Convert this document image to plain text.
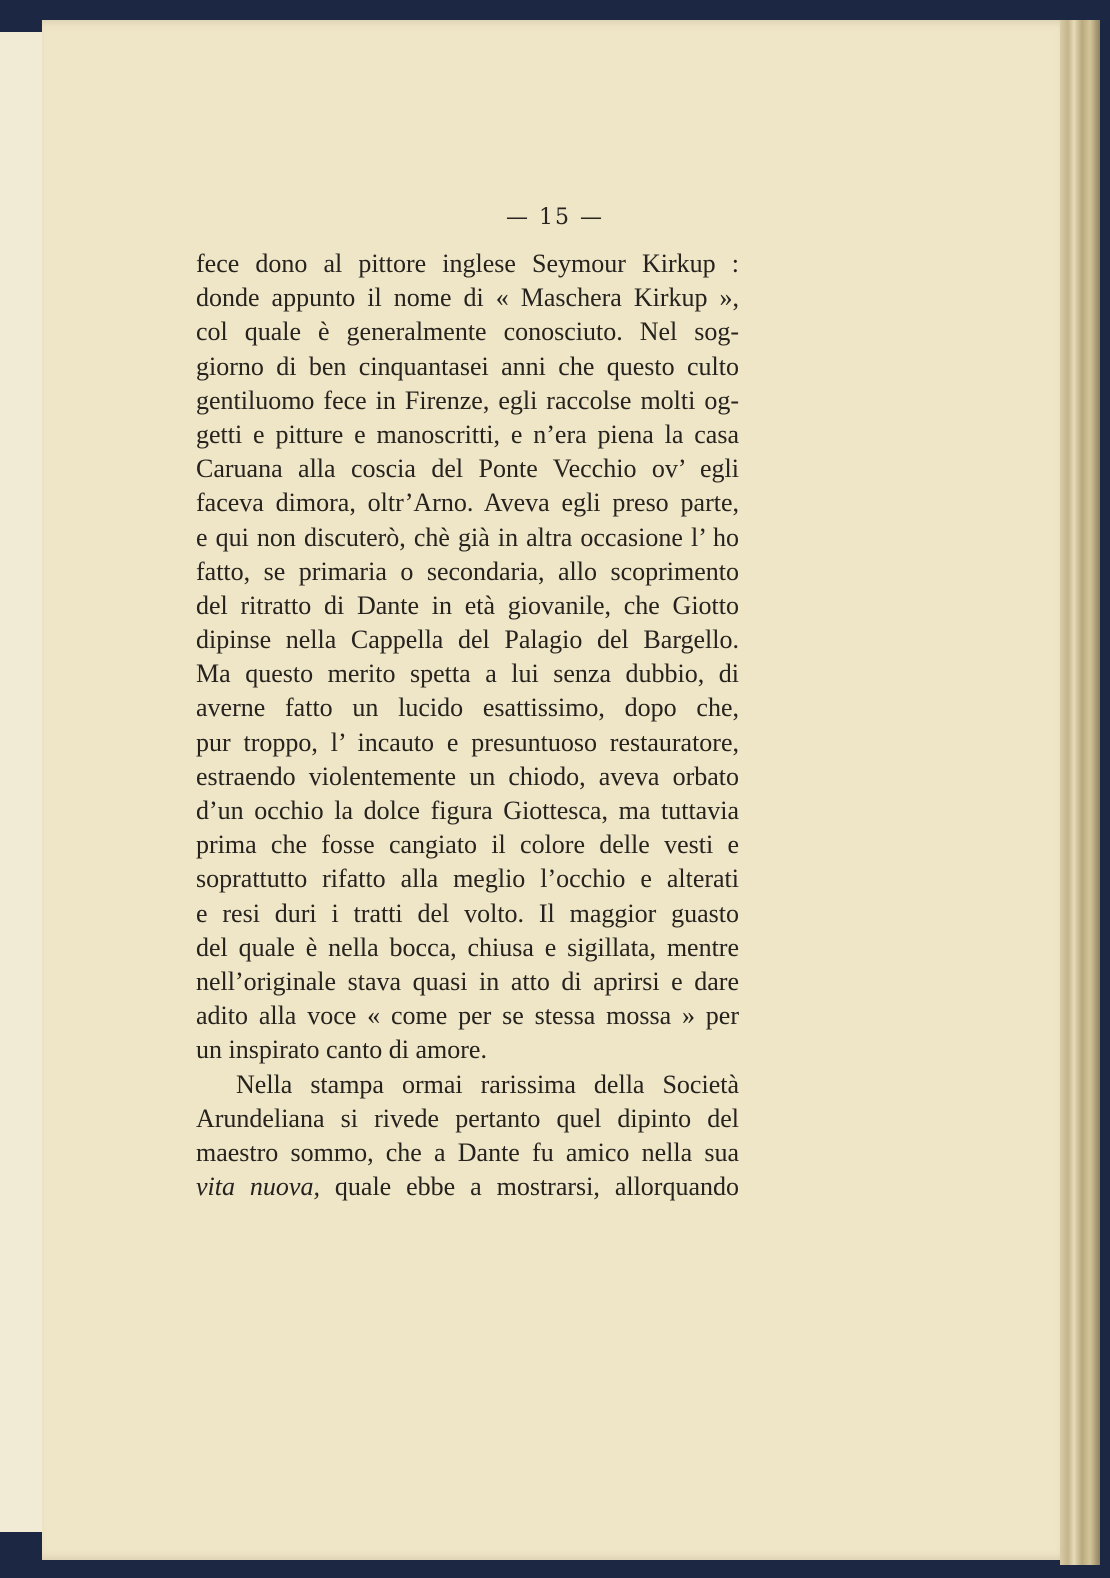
— 15 —
fece dono al pittore inglese Seymour Kirkup :
donde appunto il nome di « Maschera Kirkup »,
col quale è generalmente conosciuto. Nel sog-
giorno di ben cinquantasei anni che questo culto
gentiluomo fece in Firenze, egli raccolse molti og-
getti e pitture e manoscritti, e n’era piena la casa
Caruana alla coscia del Ponte Vecchio ov’ egli
faceva dimora, oltr’Arno. Aveva egli preso parte,
e qui non discuterò, chè già in altra occasione l’ ho
fatto, se primaria o secondaria, allo scoprimento
del ritratto di Dante in età giovanile, che Giotto
dipinse nella Cappella del Palagio del Bargello.
Ma questo merito spetta a lui senza dubbio, di
averne fatto un lucido esattissimo, dopo che,
pur troppo, l’ incauto e presuntuoso restauratore,
estraendo violentemente un chiodo, aveva orbato
d’un occhio la dolce figura Giottesca, ma tuttavia
prima che fosse cangiato il colore delle vesti e
soprattutto rifatto alla meglio l’occhio e alterati
e resi duri i tratti del volto. Il maggior guasto
del quale è nella bocca, chiusa e sigillata, mentre
nell’originale stava quasi in atto di aprirsi e dare
adito alla voce « come per se stessa mossa » per
un inspirato canto di amore.
Nella stampa ormai rarissima della Società
Arundeliana si rivede pertanto quel dipinto del
maestro sommo, che a Dante fu amico nella sua
vita nuova, quale ebbe a mostrarsi, allorquando
